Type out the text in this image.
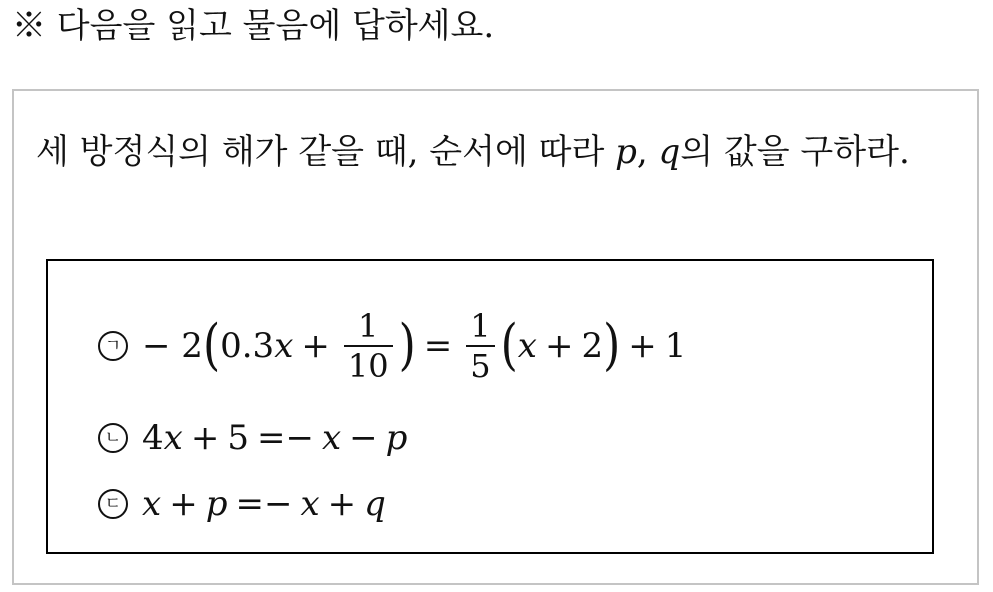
※ 다음을 읽고 물음에 답하세요.
세 방정식의 해가 같을 때, 순서에 따라 p, q의 값을 구하라.
ㄱ − 2 ( 0.3 $x + \frac{1}{10}$ ) = $\frac{1}{5}$ ( x + 2 ) + 1
ㄴ 4 x + 5 =− x − p
ㄷ x + p =− x + q
